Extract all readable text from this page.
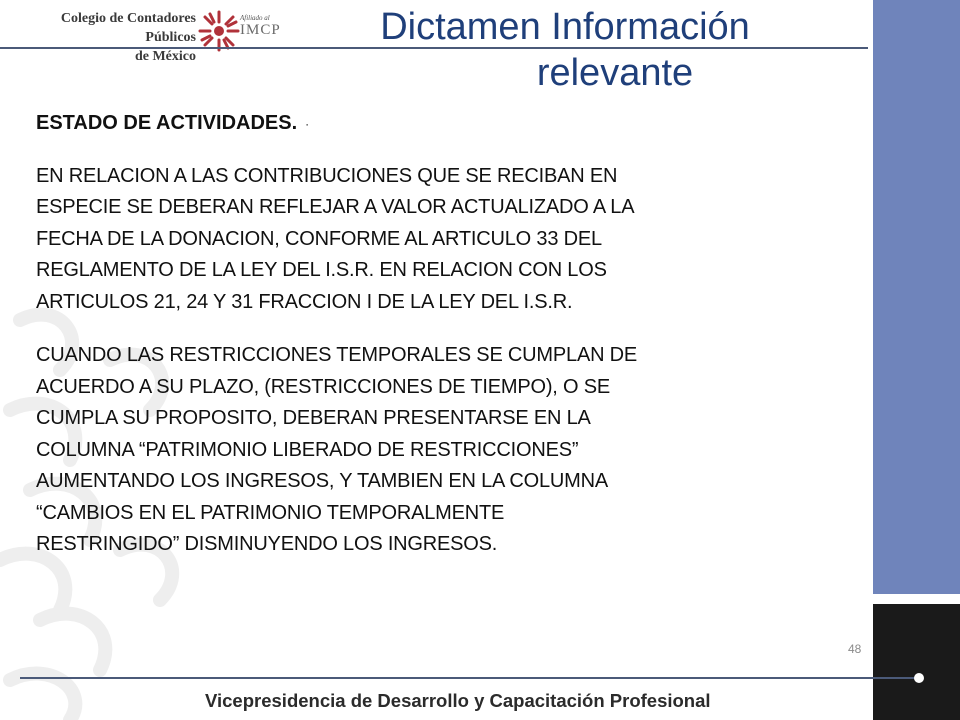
Colegio de Contadores Públicos
de México
Afiliado al
IMCP	Dictamen Información
relevante

ESTADO DE ACTIVIDADES. ·

EN RELACION A LAS CONTRIBUCIONES QUE SE RECIBAN EN
ESPECIE SE DEBERAN REFLEJAR A VALOR ACTUALIZADO A LA
FECHA DE LA DONACION, CONFORME AL ARTICULO 33 DEL
REGLAMENTO DE LA LEY DEL I.S.R. EN RELACION CON LOS
ARTICULOS 21, 24 Y 31 FRACCION I DE LA LEY DEL I.S.R.

CUANDO LAS RESTRICCIONES TEMPORALES SE CUMPLAN DE
ACUERDO A SU PLAZO, (RESTRICCIONES DE TIEMPO), O SE
CUMPLA SU PROPOSITO, DEBERAN PRESENTARSE EN LA
COLUMNA “PATRIMONIO LIBERADO DE RESTRICCIONES”
AUMENTANDO LOS INGRESOS, Y TAMBIEN EN LA COLUMNA
“CAMBIOS EN EL PATRIMONIO TEMPORALMENTE
RESTRINGIDO” DISMINUYENDO LOS INGRESOS.

48
Vicepresidencia de Desarrollo y Capacitación Profesional
